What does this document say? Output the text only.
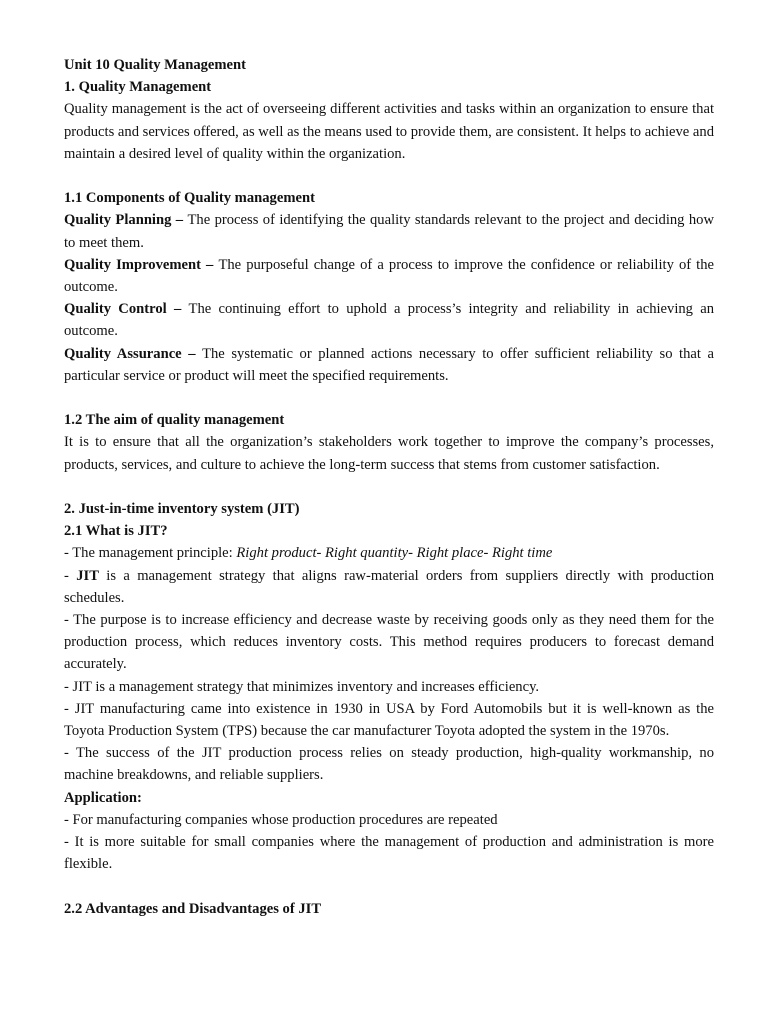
Unit 10 Quality Management

1. Quality Management

Quality management is the act of overseeing different activities and tasks within an organization to ensure that products and services offered, as well as the means used to provide them, are consistent. It helps to achieve and maintain a desired level of quality within the organization.

1.1 Components of Quality management

Quality Planning – The process of identifying the quality standards relevant to the project and deciding how to meet them.

Quality Improvement – The purposeful change of a process to improve the confidence or reliability of the outcome.

Quality Control – The continuing effort to uphold a process’s integrity and reliability in achieving an outcome.

Quality Assurance – The systematic or planned actions necessary to offer sufficient reliability so that a particular service or product will meet the specified requirements.

1.2 The aim of quality management

It is to ensure that all the organization’s stakeholders work together to improve the company’s processes, products, services, and culture to achieve the long-term success that stems from customer satisfaction.

2. Just-in-time inventory system (JIT)

2.1 What is JIT?

- The management principle: Right product- Right quantity- Right place- Right time

- JIT is a management strategy that aligns raw-material orders from suppliers directly with production schedules.

- The purpose is to increase efficiency and decrease waste by receiving goods only as they need them for the production process, which reduces inventory costs. This method requires producers to forecast demand accurately.

- JIT is a management strategy that minimizes inventory and increases efficiency.

- JIT manufacturing came into existence in 1930 in USA by Ford Automobils but it is well-known as the Toyota Production System (TPS) because the car manufacturer Toyota adopted the system in the 1970s.

- The success of the JIT production process relies on steady production, high-quality workmanship, no machine breakdowns, and reliable suppliers.

Application:

- For manufacturing companies whose production procedures are repeated

- It is more suitable for small companies where the management of production and administration is more flexible.

2.2 Advantages and Disadvantages of JIT
